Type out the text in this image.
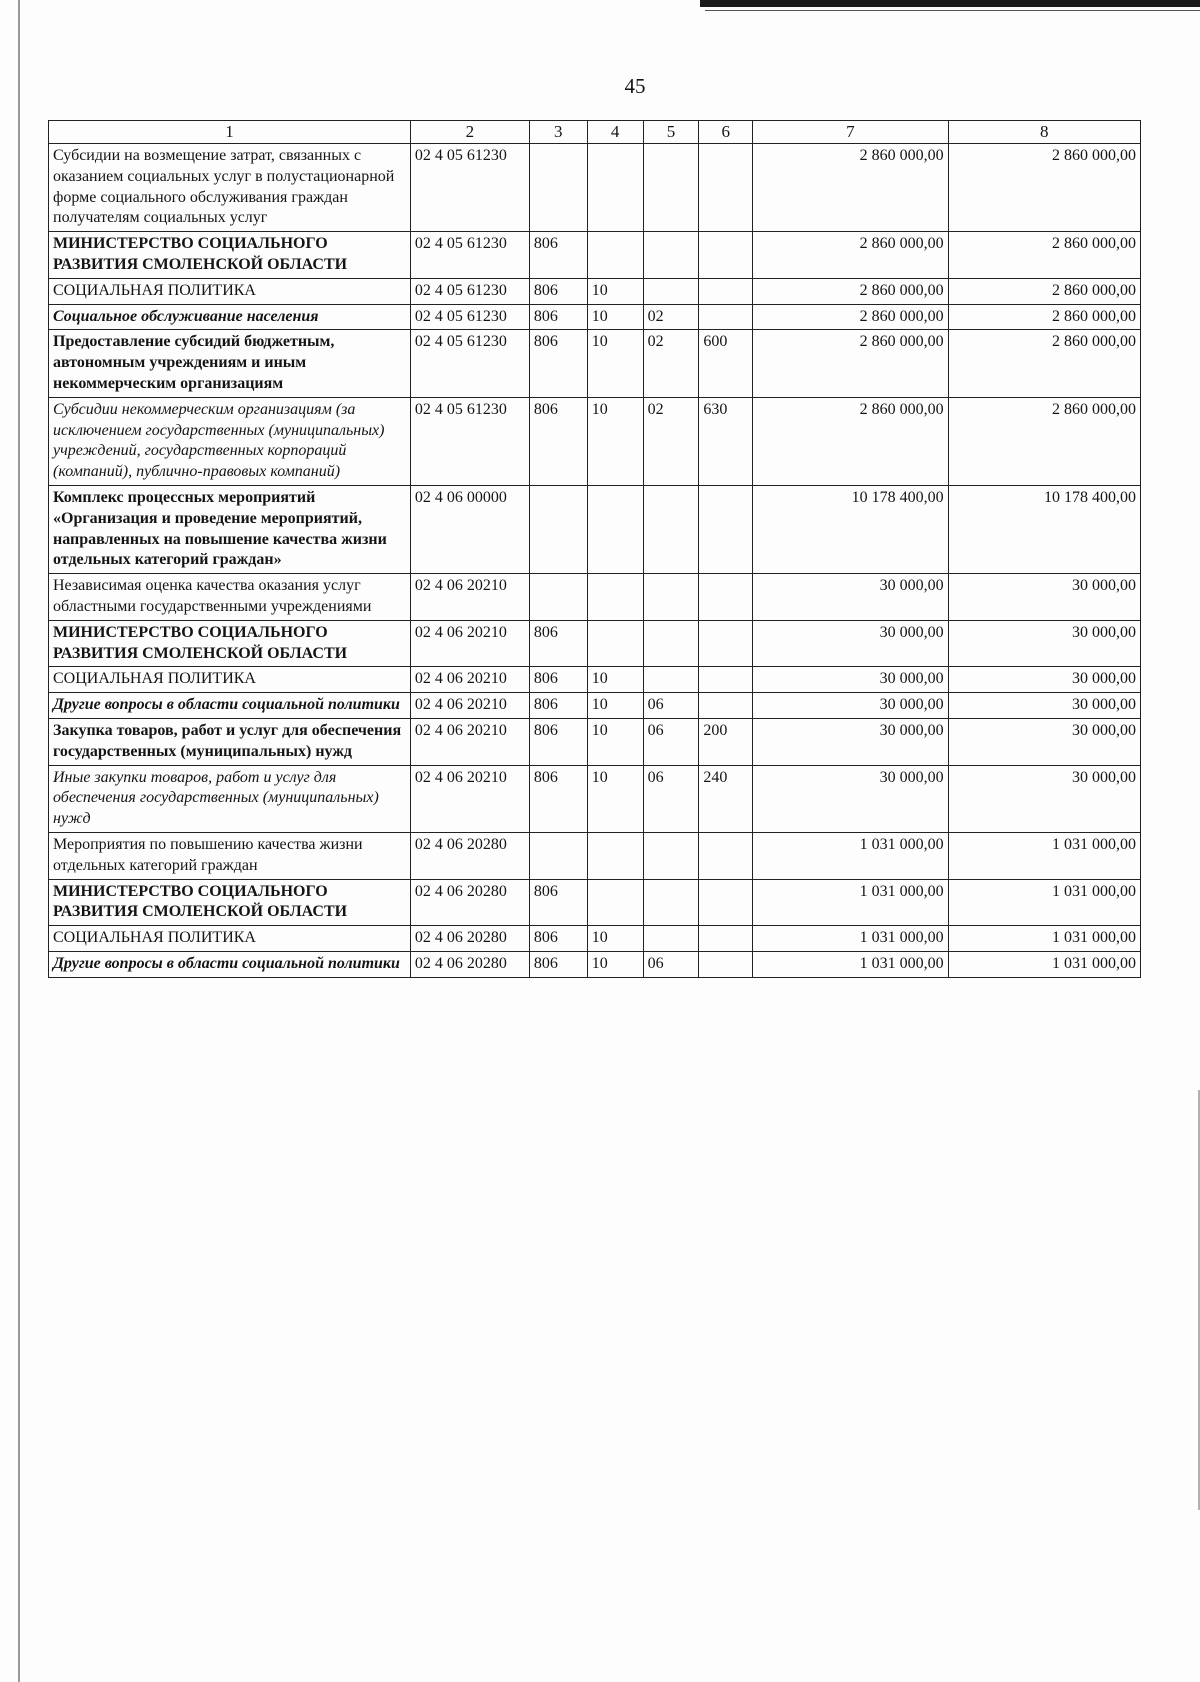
45
1	2	3	4	5	6	7	8
Субсидии на возмещение затрат, связанных с оказанием социальных услуг в полустационарной форме социального обслуживания граждан получателям социальных услуг	02 4 05 61230					2 860 000,00	2 860 000,00
МИНИСТЕРСТВО СОЦИАЛЬНОГО РАЗВИТИЯ СМОЛЕНСКОЙ ОБЛАСТИ	02 4 05 61230	806				2 860 000,00	2 860 000,00
СОЦИАЛЬНАЯ ПОЛИТИКА	02 4 05 61230	806	10			2 860 000,00	2 860 000,00
Социальное обслуживание населения	02 4 05 61230	806	10	02		2 860 000,00	2 860 000,00
Предоставление субсидий бюджетным, автономным учреждениям и иным некоммерческим организациям	02 4 05 61230	806	10	02	600	2 860 000,00	2 860 000,00
Субсидии некоммерческим организациям (за исключением государственных (муниципальных) учреждений, государственных корпораций (компаний), публично-правовых компаний)	02 4 05 61230	806	10	02	630	2 860 000,00	2 860 000,00
Комплекс процессных мероприятий «Организация и проведение мероприятий, направленных на повышение качества жизни отдельных категорий граждан»	02 4 06 00000					10 178 400,00	10 178 400,00
Независимая оценка качества оказания услуг областными государственными учреждениями	02 4 06 20210					30 000,00	30 000,00
МИНИСТЕРСТВО СОЦИАЛЬНОГО РАЗВИТИЯ СМОЛЕНСКОЙ ОБЛАСТИ	02 4 06 20210	806				30 000,00	30 000,00
СОЦИАЛЬНАЯ ПОЛИТИКА	02 4 06 20210	806	10			30 000,00	30 000,00
Другие вопросы в области социальной политики	02 4 06 20210	806	10	06		30 000,00	30 000,00
Закупка товаров, работ и услуг для обеспечения государственных (муниципальных) нужд	02 4 06 20210	806	10	06	200	30 000,00	30 000,00
Иные закупки товаров, работ и услуг для обеспечения государственных (муниципальных) нужд	02 4 06 20210	806	10	06	240	30 000,00	30 000,00
Мероприятия по повышению качества жизни отдельных категорий граждан	02 4 06 20280					1 031 000,00	1 031 000,00
МИНИСТЕРСТВО СОЦИАЛЬНОГО РАЗВИТИЯ СМОЛЕНСКОЙ ОБЛАСТИ	02 4 06 20280	806				1 031 000,00	1 031 000,00
СОЦИАЛЬНАЯ ПОЛИТИКА	02 4 06 20280	806	10			1 031 000,00	1 031 000,00
Другие вопросы в области социальной политики	02 4 06 20280	806	10	06		1 031 000,00	1 031 000,00
